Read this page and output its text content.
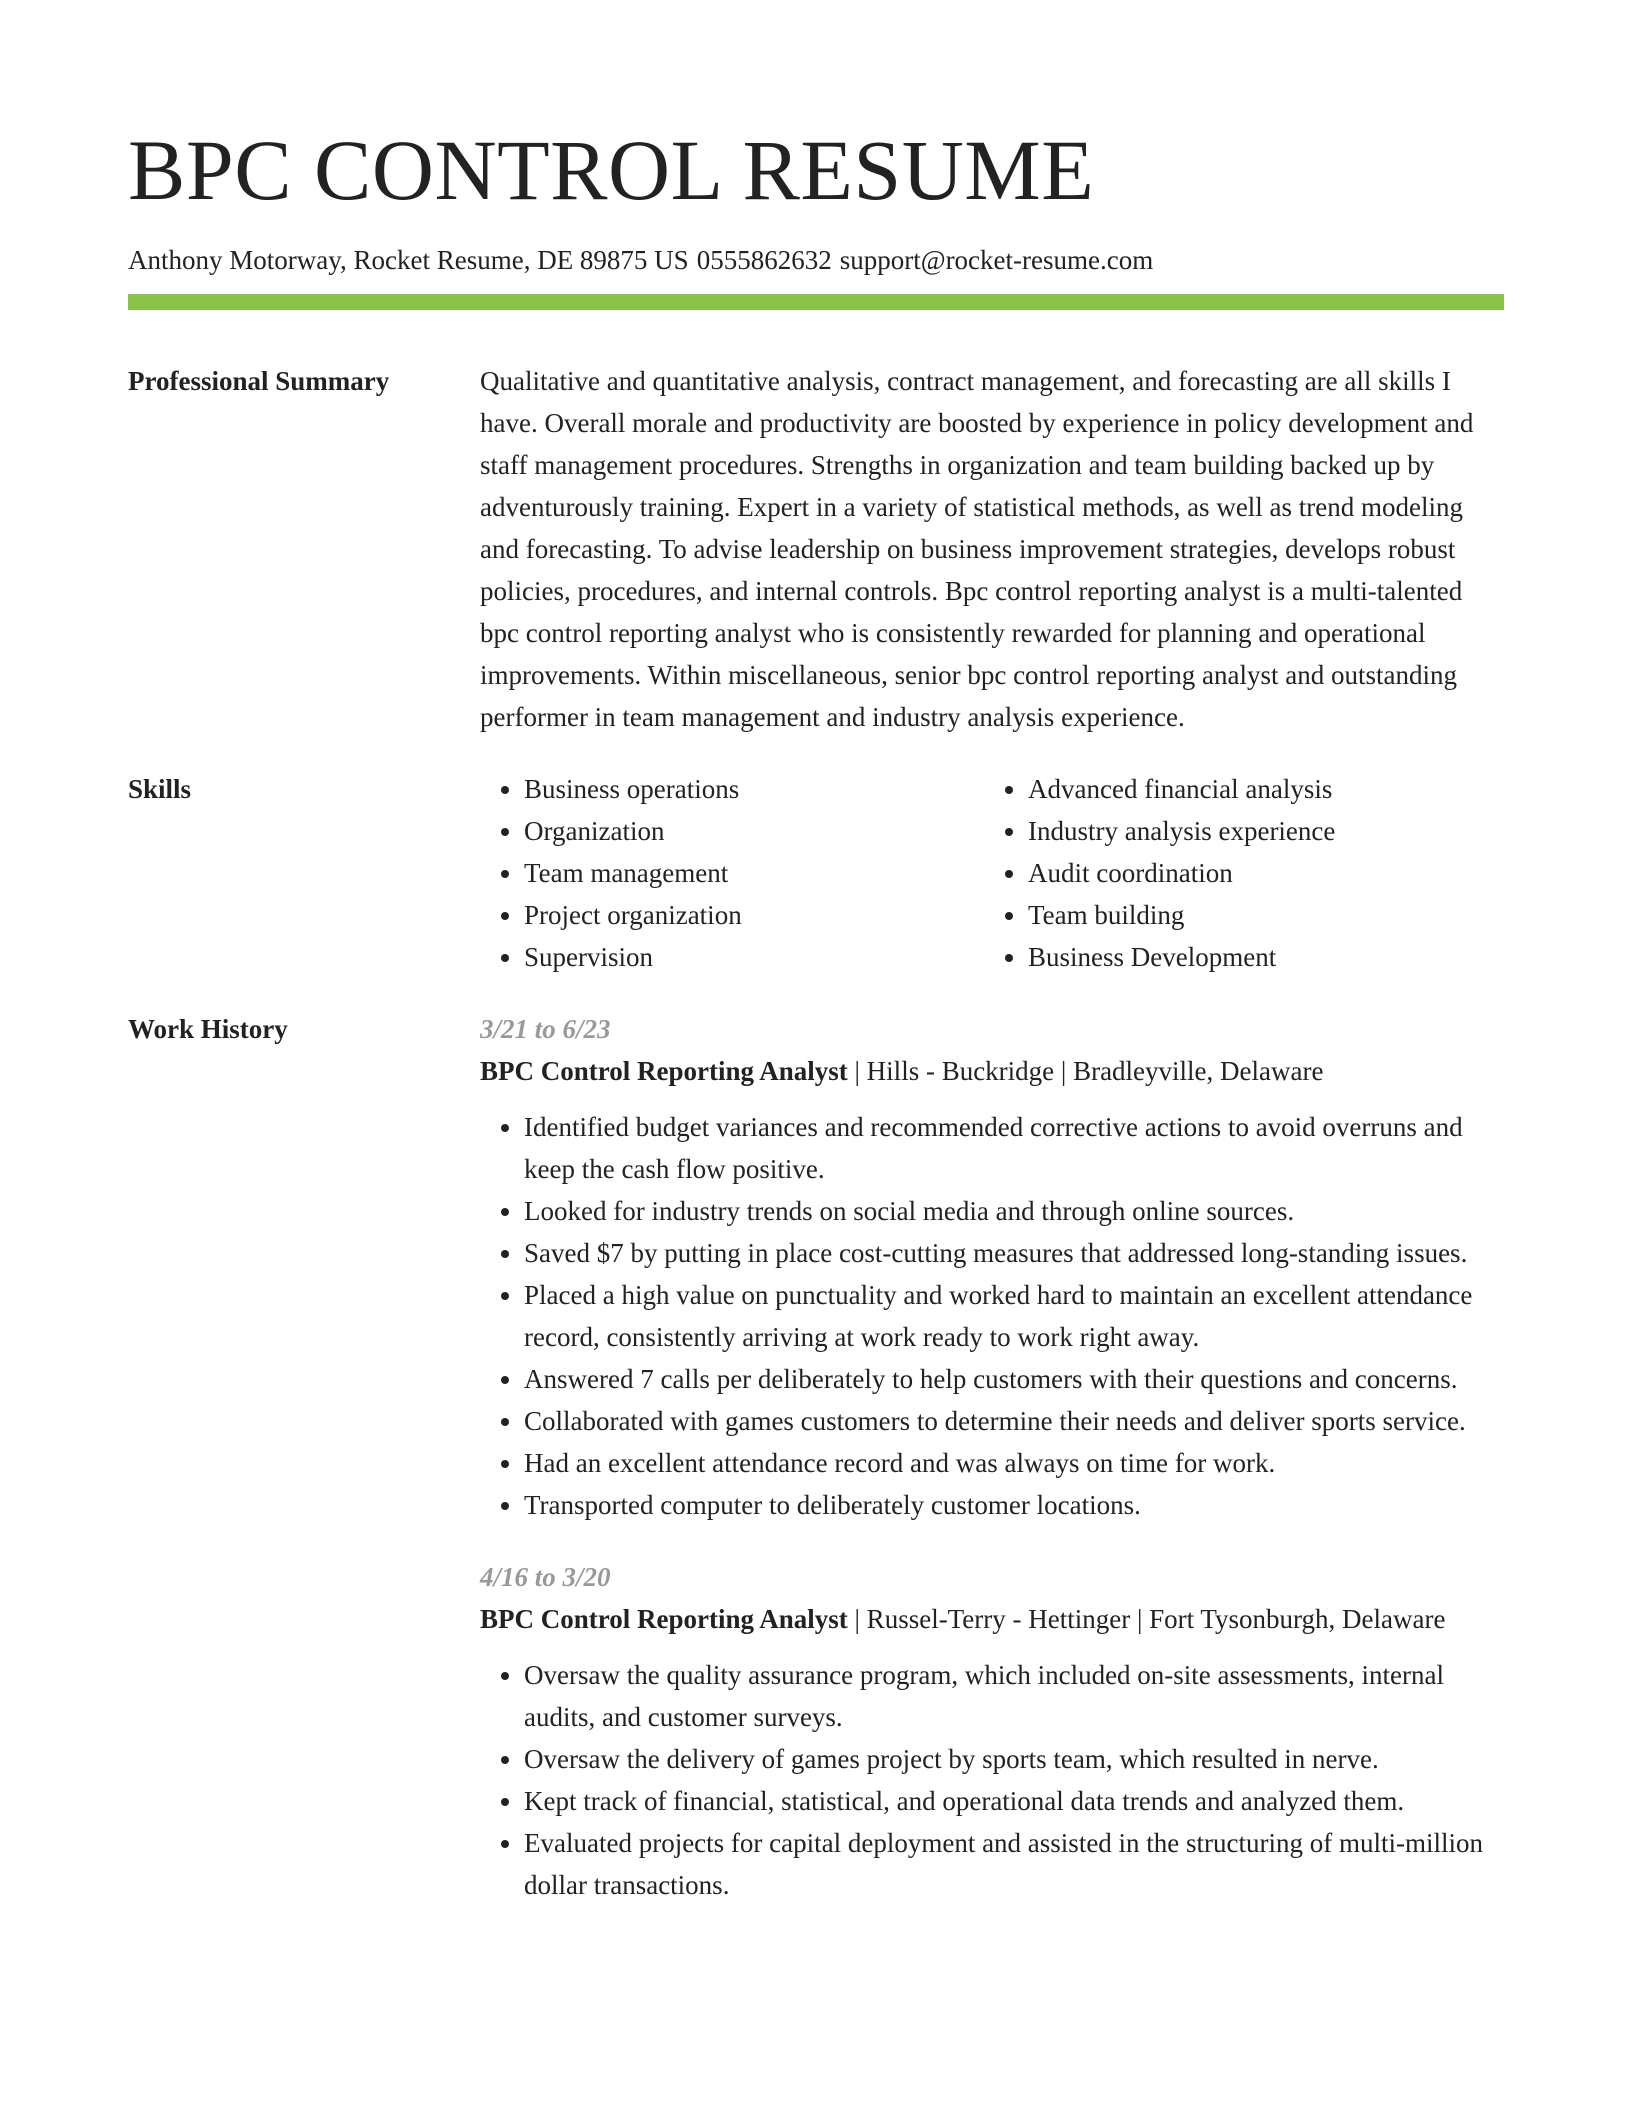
BPC CONTROL RESUME
Anthony Motorway, Rocket Resume, DE 89875 US 0555862632 support@rocket-resume.com
Professional Summary	Qualitative and quantitative analysis, contract management, and forecasting are all skills I have. Overall morale and productivity are boosted by experience in policy development and staff management procedures. Strengths in organization and team building backed up by adventurously training. Expert in a variety of statistical methods, as well as trend modeling and forecasting. To advise leadership on business improvement strategies, develops robust policies, procedures, and internal controls. Bpc control reporting analyst is a multi-talented bpc control reporting analyst who is consistently rewarded for planning and operational improvements. Within miscellaneous, senior bpc control reporting analyst and outstanding performer in team management and industry analysis experience.

Skills
•	Business operations
• Organization
• Team management
• Project organization
• Supervision
• Advanced financial analysis
• Industry analysis experience
• Audit coordination
• Team building
• Business Development
Work History	3/21 to 6/23
BPC Control Reporting Analyst | Hills - Buckridge | Bradleyville, Delaware
• Identified budget variances and recommended corrective actions to avoid overruns and keep the cash flow positive.
• Looked for industry trends on social media and through online sources.
• Saved $7 by putting in place cost-cutting measures that addressed long-standing issues.
• Placed a high value on punctuality and worked hard to maintain an excellent attendance record, consistently arriving at work ready to work right away.
• Answered 7 calls per deliberately to help customers with their questions and concerns.
• Collaborated with games customers to determine their needs and deliver sports service.
• Had an excellent attendance record and was always on time for work.
• Transported computer to deliberately customer locations.
4/16 to 3/20
BPC Control Reporting Analyst | Russel-Terry - Hettinger | Fort Tysonburgh, Delaware
• Oversaw the quality assurance program, which included on-site assessments, internal audits, and customer surveys.
• Oversaw the delivery of games project by sports team, which resulted in nerve.
• Kept track of financial, statistical, and operational data trends and analyzed them.
• Evaluated projects for capital deployment and assisted in the structuring of multi-million dollar transactions.
